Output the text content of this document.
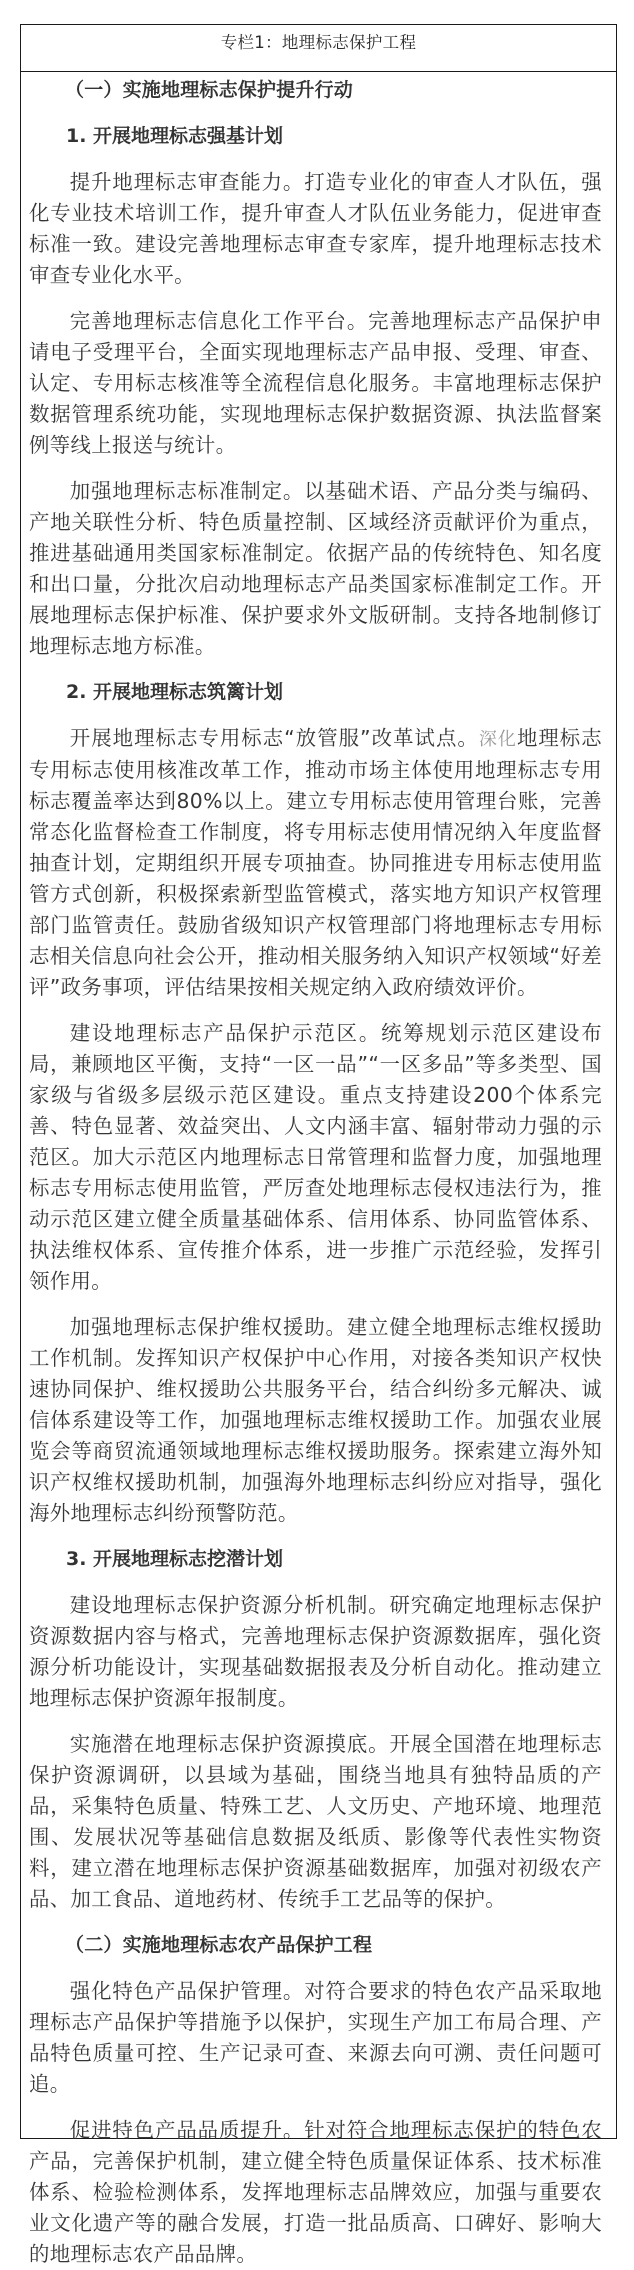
专栏1：地理标志保护工程
（一）实施地理标志保护提升行动
1. 开展地理标志强基计划

提升地理标志审查能力。打造专业化的审查人才队伍，强化专业技术培训工作，提升审查人才队伍业务能力，促进审查标准一致。建设完善地理标志审查专家库，提升地理标志技术审查专业化水平。

完善地理标志信息化工作平台。完善地理标志产品保护申请电子受理平台，全面实现地理标志产品申报、受理、审查、认定、专用标志核准等全流程信息化服务。丰富地理标志保护数据管理系统功能，实现地理标志保护数据资源、执法监督案例等线上报送与统计。

加强地理标志标准制定。以基础术语、产品分类与编码、产地关联性分析、特色质量控制、区域经济贡献评价为重点，推进基础通用类国家标准制定。依据产品的传统特色、知名度和出口量，分批次启动地理标志产品类国家标准制定工作。开展地理标志保护标准、保护要求外文版研制。支持各地制修订地理标志地方标准。

2. 开展地理标志筑篱计划

开展地理标志专用标志“放管服”改革试点。深化地理标志专用标志使用核准改革工作，推动市场主体使用地理标志专用标志覆盖率达到80%以上。建立专用标志使用管理台账，完善常态化监督检查工作制度，将专用标志使用情况纳入年度监督抽查计划，定期组织开展专项抽查。协同推进专用标志使用监管方式创新，积极探索新型监管模式，落实地方知识产权管理部门监管责任。鼓励省级知识产权管理部门将地理标志专用标志相关信息向社会公开，推动相关服务纳入知识产权领域“好差评”政务事项，评估结果按相关规定纳入政府绩效评价。

建设地理标志产品保护示范区。统筹规划示范区建设布局，兼顾地区平衡，支持“一区一品”“一区多品”等多类型、国家级与省级多层级示范区建设。重点支持建设200个体系完善、特色显著、效益突出、人文内涵丰富、辐射带动力强的示范区。加大示范区内地理标志日常管理和监督力度，加强地理标志专用标志使用监管，严厉查处地理标志侵权违法行为，推动示范区建立健全质量基础体系、信用体系、协同监管体系、执法维权体系、宣传推介体系，进一步推广示范经验，发挥引领作用。

加强地理标志保护维权援助。建立健全地理标志维权援助工作机制。发挥知识产权保护中心作用，对接各类知识产权快速协同保护、维权援助公共服务平台，结合纠纷多元解决、诚信体系建设等工作，加强地理标志维权援助工作。加强农业展览会等商贸流通领域地理标志维权援助服务。探索建立海外知识产权维权援助机制，加强海外地理标志纠纷应对指导，强化海外地理标志纠纷预警防范。

3. 开展地理标志挖潜计划

建设地理标志保护资源分析机制。研究确定地理标志保护资源数据内容与格式，完善地理标志保护资源数据库，强化资源分析功能设计，实现基础数据报表及分析自动化。推动建立地理标志保护资源年报制度。

实施潜在地理标志保护资源摸底。开展全国潜在地理标志保护资源调研，以县域为基础，围绕当地具有独特品质的产品，采集特色质量、特殊工艺、人文历史、产地环境、地理范围、发展状况等基础信息数据及纸质、影像等代表性实物资料，建立潜在地理标志保护资源基础数据库，加强对初级农产品、加工食品、道地药材、传统手工艺品等的保护。

（二）实施地理标志农产品保护工程

强化特色产品保护管理。对符合要求的特色农产品采取地理标志产品保护等措施予以保护，实现生产加工布局合理、产品特色质量可控、生产记录可查、来源去向可溯、责任问题可追。

促进特色产品品质提升。针对符合地理标志保护的特色农产品，完善保护机制，建立健全特色质量保证体系、技术标准体系、检验检测体系，发挥地理标志品牌效应，加强与重要农业文化遗产等的融合发展，打造一批品质高、口碑好、影响大的地理标志农产品品牌。
